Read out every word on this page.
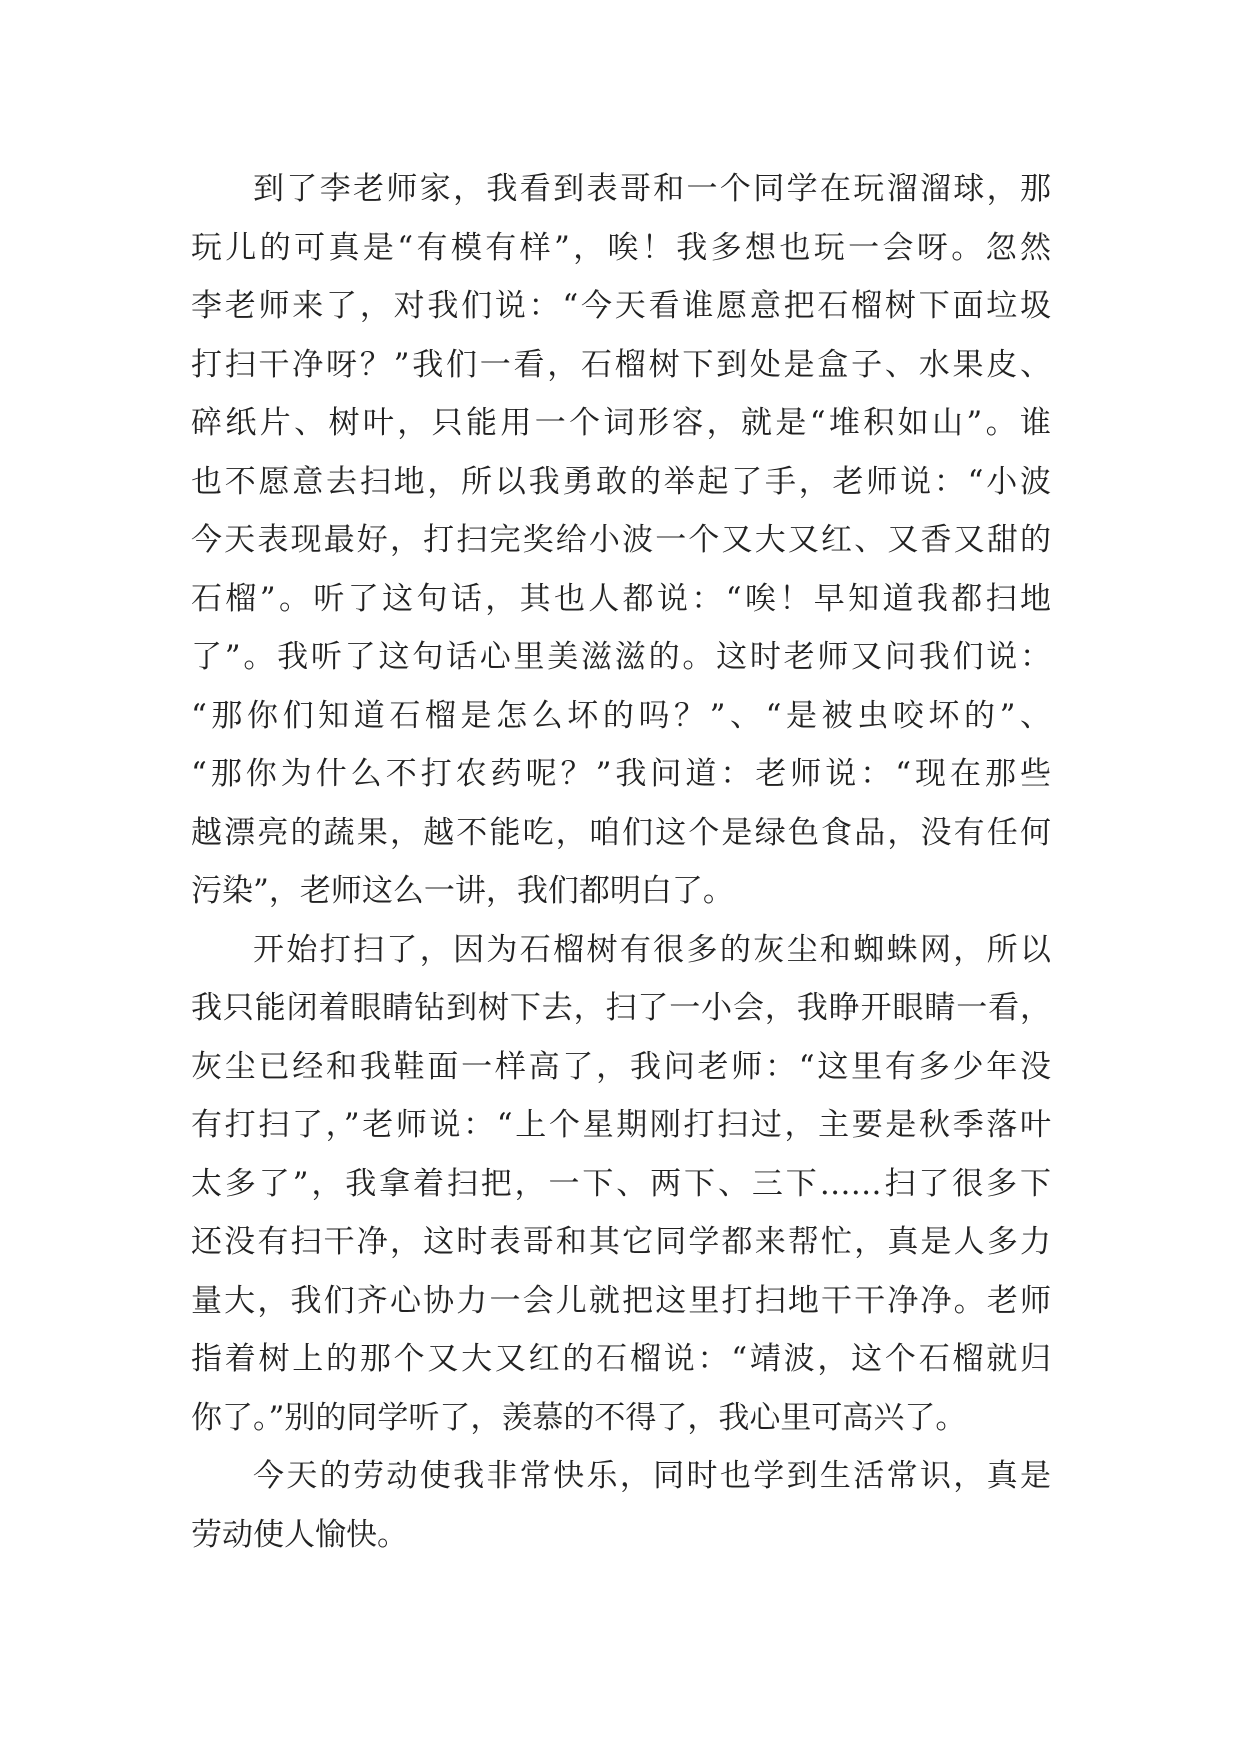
到了李老师家，我看到表哥和一个同学在玩溜溜球，那
玩儿的可真是“有模有样”，唉！我多想也玩一会呀。忽然
李老师来了，对我们说：“今天看谁愿意把石榴树下面垃圾
打扫干净呀？”我们一看，石榴树下到处是盒子、水果皮、
碎纸片、树叶，只能用一个词形容，就是“堆积如山”。谁
也不愿意去扫地，所以我勇敢的举起了手，老师说：“小波
今天表现最好，打扫完奖给小波一个又大又红、又香又甜的
石榴”。听了这句话，其也人都说：“唉！早知道我都扫地
了”。我听了这句话心里美滋滋的。这时老师又问我们说：
“那你们知道石榴是怎么坏的吗？”、“是被虫咬坏的”、
“那你为什么不打农药呢？”我问道：老师说：“现在那些
越漂亮的蔬果，越不能吃，咱们这个是绿色食品，没有任何
污染”，老师这么一讲，我们都明白了。
开始打扫了，因为石榴树有很多的灰尘和蜘蛛网，所以
我只能闭着眼睛钻到树下去，扫了一小会，我睁开眼睛一看，
灰尘已经和我鞋面一样高了，我问老师：“这里有多少年没
有打扫了，”老师说：“上个星期刚打扫过，主要是秋季落叶
太多了”，我拿着扫把，一下、两下、三下……扫了很多下
还没有扫干净，这时表哥和其它同学都来帮忙，真是人多力
量大，我们齐心协力一会儿就把这里打扫地干干净净。老师
指着树上的那个又大又红的石榴说：“靖波，这个石榴就归
你了。”别的同学听了，羡慕的不得了，我心里可高兴了。
今天的劳动使我非常快乐，同时也学到生活常识，真是
劳动使人愉快。
